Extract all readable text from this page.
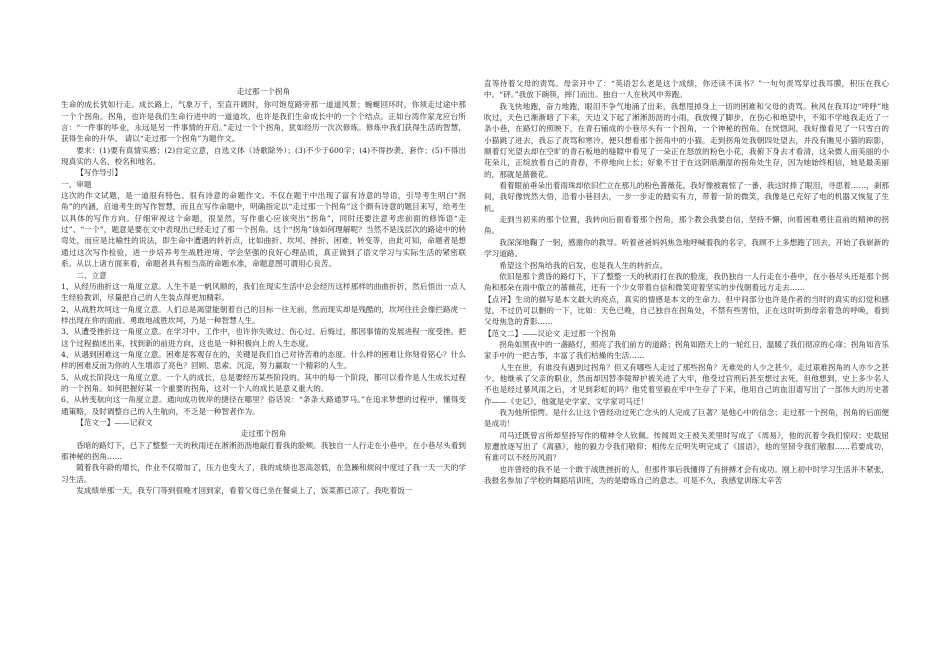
走过那一个拐角

生命的成长犹如行走。成长路上，气象万千，至直开阔时，你可饱览路旁那一道道风景；蜿蜒回环时，你须走过途中那一个个拐角。拐角，也许是我们生命行进中的一道道坎，也许是我们生命成长中的一个个结点。正如台湾作家龙应台所言：“一件事的毕业，永远是另一件事情的开启。”走过一个个拐角，犹如经历一次次修炼。修炼中我们获得生活的智慧，获得生命的升华。 请以“走过那一个拐角”为题作文。

要求：(1)要有真情实感；(2)自定立意，自选文体（诗歌除外）；(3)不少于600字；(4)不得抄袭、套作；(5)不得出现真实的人名、校名和地名。

【写作导引】

一、审题

这次的作文试题，是一道很有特色、很有诗意的命题作文。不仅在题干中出现了富有诗意的导语，引导考生明白“拐角”的内涵，启迪考生的写作智慧，而且在写作命题中，明确指定以“走过那一个拐角”这个颇有诗意的题目来写，给考生以具体的写作方向。仔细审视这个命题，很显然，写作重心应该突出“拐角”，同时还要注意考虑前面的修饰语“走过”、“一个”，题意是要在文中表现出已经走过了那一个拐角。这个“拐角”该如何理解呢？当然不是浅层次的路途中的转弯处，而应是比喻性的说法，即生命中遭遇的转折点，比如曲折、坎坷、挫折、困难、转变等，由此可知，命题者是想通过这次写作检验，进一步培养考生战胜逆境、学会坚强的良好心理品质，真正做到了语文学习与实际生活的紧密联系。从以上诸方面来看，命题者具有相当高的命题水准，命题意图可谓用心良苦。

二、立意

1、从经历曲折这一角度立意。人生不是一帆风顺的，我们在现实生活中总会经历这样那样的曲曲折折，然后悟出一点人生经验教训，尽量把自己的人生装点得更加精彩。

2、从战胜坎坷这一角度立意。人们总是渴望能朝着自己的目标一往无前，然而现实却是残酷的，坎坷往往会像拦路虎一样出现在你的面前。勇敢地战胜坎坷，乃是一种智慧人生。

3、从遭受挫折这一角度立意。在学习中、工作中，也许你失败过、伤心过、后悔过，都因事情的发展进程一度受挫。把这个过程描述出来，找到新的前进方向，这也是一种积极向上的人生态度。

4、从遇到困难这一角度立意。困难是客观存在的，关键是我们自己对待苦难的态度。什么样的困难让你刻骨铭心？什么样的困难反而为你的人生增添了亮色？回顾、思索、沉淀，努力赢取一个精彩的人生。

5、从成长阶段这一角度立意。一个人的成长，总是要经历某些阶段的。其中的每一个阶段，都可以看作是人生成长过程的一个拐角。如何把握好某一个重要的拐角，这对一个人的成长是意义重大的。

6、从转变航向这一角度立意。通向成功彼岸的捷径在哪里？俗话说：“条条大路通罗马。”在追求梦想的过程中，懂得变通策略，及时调整自己的人生航向，不乏是一种智者作为。

【范文一】——记叙文

走过那个拐角

昏暗的路灯下，已下了整整一天的秋雨还在淅淅沥沥地敲打着我的脸颊。我独自一人行走在小巷中，在小巷尽头看到那神秘的拐角……

随着我年龄的增长，作业不仅增加了，压力也变大了，我的成绩也忽高忽低，在急躁和烦闷中度过了我一天一天的学习生活。

发成绩单那一天，我专门等到很晚才回到家，看着父母已坐在餐桌上了，饭菜都已凉了，我吃着饭一

直等待着父母的责骂。母亲开中了：“英语怎么老是这个成绩，你还读不读书？”一句句责骂穿过我耳膜，积压在我心中。“砰。”我放下碗筷，摔门而出。独自一人在秋风中奔跑。

我飞快地跑，奋力地跑，眼泪不争气地涌了出来，我想甩掉身上一切的困难和父母的责骂。秋风在我耳边“呼呼”地吹过，天色已渐渐暗了下来，天边又下起了淅淅沥沥的小雨，我放慢了脚步，在伤心和绝望中，不知不学地我走近了一条小巷，在路灯的照映下，在青石铺成的小巷尽头有一个拐角，一个神秘的拐角。在恍惚间，我好像看见了一只雪白的小猫跳了进去，我忘了责骂和寒冷，便只想看那个拐角中的小猫。走到拐角处我朝四处望去，并没有瞧见小猫的踪影，顺着灯光望去却在空旷的青石板地的缝隙中看见了一朵正在怒放的粉色小花，我俯下身去才看清，这朵微人而美丽的小花朵儿，正绽放着自己的青春，不停地向上长；好象不甘于在这阴暗潮湿的拐角处生存，因为她始终相信，她是最美丽的，那就是蔷薇花。

看着眼前垂朵出着雨珠却依旧伫立在那儿的粉色蔷薇花，我好像被震惊了一番，我这时捧了眼泪，寻思着……，刹那间，我好像恍然大悟，沿着小巷回去，一步一步走的踏实有力，带着一阶的微笑，我像是已充好了电的机器又恢复了生机。

走到当初来的那个位置，我转向后面看着那个拐角，那个教会我要自信，坚持不懈，向着困难勇往直前的精神的拐角。

我深深地鞠了一躬，感谢你的教导。听着爸爸妈妈焦急地呼喊着我的名字，我顾不上多想跑了回去，开始了我崭新的学习道路。

希望这个拐角给我的启发，也是我人生的转折点。

依旧是那个黄昏的路灯下，下了整整一天的秋雨打在我的脸庞，我仍独自一人行走在小巷中，在小巷尽头还是那个拐角和那朵在雨中傲立的蔷薇花，还有一个少女带着自信和微笑迎着坚实的步伐朝着远方走去……

【点评】生动的描写是本文最大的亮点，真实的情感是本文的生命力。但中间部分也许是作者的当时的真实的幻觉和感觉，不过仍可以删的一下，比如：天色已晚，自己独自在拐角处，不禁有些害怕，正在这时听到母亲着急的呼唤，看到父母焦急的背影……

【范文二】——议论文 走过那一个拐角

拐角如黑夜中的一盏路灯，照亮了我们前方的道路；拐角如踏天上的一轮红日，温暖了我们彻凉的心扉；拐角如音乐家手中的一把古筝，丰富了我们枯燥的生活……

人生在世，有谁没有遇到过拐角？但又有哪些人走过了那些拐角？无难处的人少之甚少，走过艰难拐角的人亦少之甚少。他继承了父亲的职业，然而却因替李陵辩护被关进了大牢，他受过宫刑后甚至想过去死，但他想到，史上多少名人不也是经过暴风雨之后，才见到彩虹的吗？他凭着坚毅在牢中生存了下来，他用自己的血泪谱写出了一部伟大的历史著作——《史记》，他就是史学家、文学家司马迁！

我为他所惊愕。是什么让这个曾经动过死亡念头的人完成了巨著？是他心中的信念；走过那一个拐角，拐角的后面便是成功！

司马迁既曾言所却坚持写作的精神令人钦佩。传闻周文王被关羑里时写成了《周易》，他的沉着令我们惊叹；史载屈原遭放逐写出了《离骚》，他的毅力令我们敬仰；相传左丘明失明完成了《国语》，他的坚韧令我们敬服……若要成功，有谁可以不经历风雨？

也许曾经的我不是一个敢于战胜挫折的人，但那件事后我懂得了有拼搏才会有成功。刚上初中时学习生活并不紧张，我报名参加了学校的舞蹈培训班，为的是磨炼自己的意志。可是不久，我感觉训练太辛苦
